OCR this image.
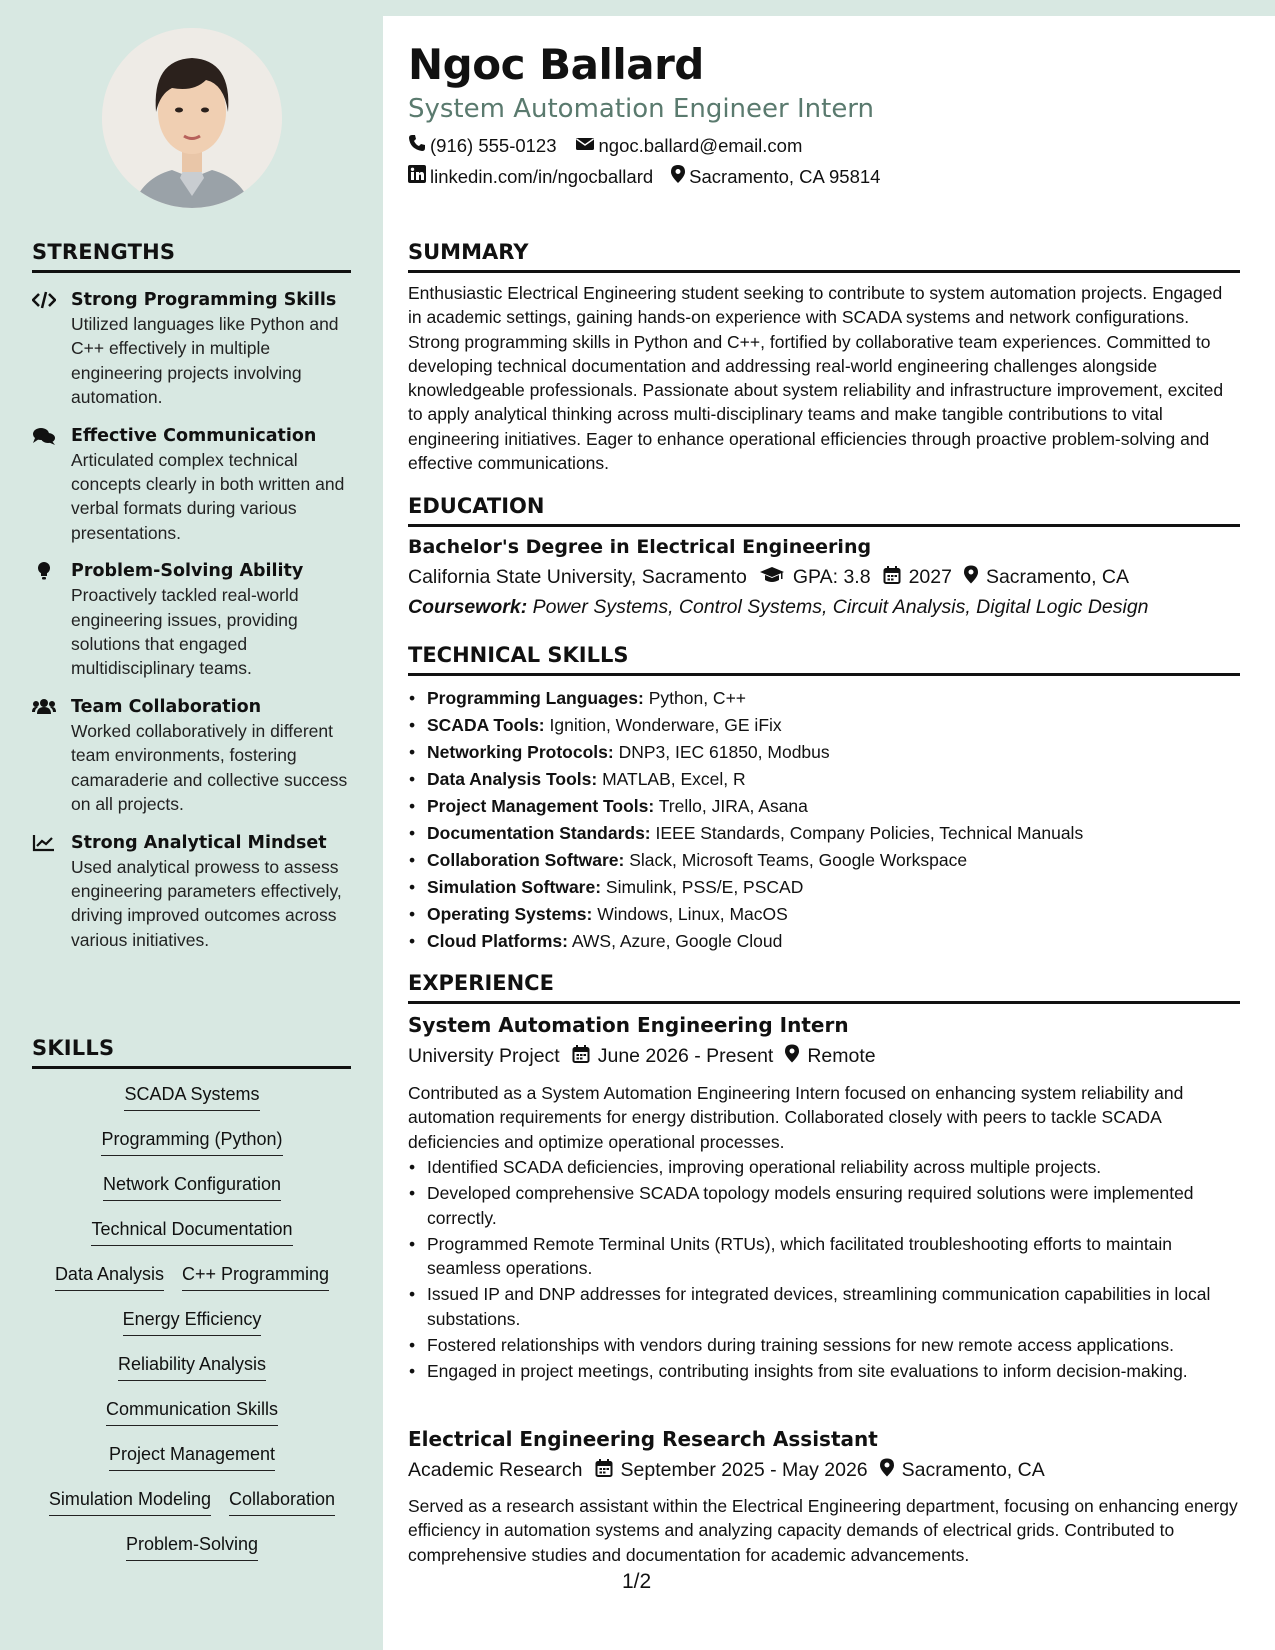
STRENGTHS
Strong Programming Skills
Utilized languages like Python and C++ effectively in multiple engineering projects involving automation.
Effective Communication
Articulated complex technical concepts clearly in both written and verbal formats during various presentations.
Problem-Solving Ability
Proactively tackled real-world engineering issues, providing solutions that engaged multidisciplinary teams.
Team Collaboration
Worked collaboratively in different team environments, fostering camaraderie and collective success on all projects.
Strong Analytical Mindset
Used analytical prowess to assess engineering parameters effectively, driving improved outcomes across various initiatives.
SKILLS
SCADA Systems
Programming (Python)
Network Configuration
Technical Documentation
Data Analysis C++ Programming
Energy Efficiency
Reliability Analysis
Communication Skills
Project Management
Simulation Modeling Collaboration
Problem-Solving
Ngoc Ballard
System Automation Engineer Intern
(916) 555-0123 ngoc.ballard@email.com
linkedin.com/in/ngocballard Sacramento, CA 95814
SUMMARY
Enthusiastic Electrical Engineering student seeking to contribute to system automation projects. Engaged in academic settings, gaining hands-on experience with SCADA systems and network configurations. Strong programming skills in Python and C++, fortified by collaborative team experiences. Committed to developing technical documentation and addressing real-world engineering challenges alongside knowledgeable professionals. Passionate about system reliability and infrastructure improvement, excited to apply analytical thinking across multi-disciplinary teams and make tangible contributions to vital engineering initiatives. Eager to enhance operational efficiencies through proactive problem-solving and effective communications.
EDUCATION
Bachelor's Degree in Electrical Engineering
California State University, Sacramento GPA: 3.8 2027 Sacramento, CA
Coursework: Power Systems, Control Systems, Circuit Analysis, Digital Logic Design
TECHNICAL SKILLS
• Programming Languages: Python, C++
• SCADA Tools: Ignition, Wonderware, GE iFix
• Networking Protocols: DNP3, IEC 61850, Modbus
• Data Analysis Tools: MATLAB, Excel, R
• Project Management Tools: Trello, JIRA, Asana
• Documentation Standards: IEEE Standards, Company Policies, Technical Manuals
• Collaboration Software: Slack, Microsoft Teams, Google Workspace
• Simulation Software: Simulink, PSS/E, PSCAD
• Operating Systems: Windows, Linux, MacOS
• Cloud Platforms: AWS, Azure, Google Cloud
EXPERIENCE
System Automation Engineering Intern
University Project June 2026 - Present Remote
Contributed as a System Automation Engineering Intern focused on enhancing system reliability and automation requirements for energy distribution. Collaborated closely with peers to tackle SCADA deficiencies and optimize operational processes.
• Identified SCADA deficiencies, improving operational reliability across multiple projects.
• Developed comprehensive SCADA topology models ensuring required solutions were implemented correctly.
• Programmed Remote Terminal Units (RTUs), which facilitated troubleshooting efforts to maintain seamless operations.
• Issued IP and DNP addresses for integrated devices, streamlining communication capabilities in local substations.
• Fostered relationships with vendors during training sessions for new remote access applications.
• Engaged in project meetings, contributing insights from site evaluations to inform decision-making.
Electrical Engineering Research Assistant
Academic Research September 2025 - May 2026 Sacramento, CA
Served as a research assistant within the Electrical Engineering department, focusing on enhancing energy efficiency in automation systems and analyzing capacity demands of electrical grids. Contributed to comprehensive studies and documentation for academic advancements.
1/2
